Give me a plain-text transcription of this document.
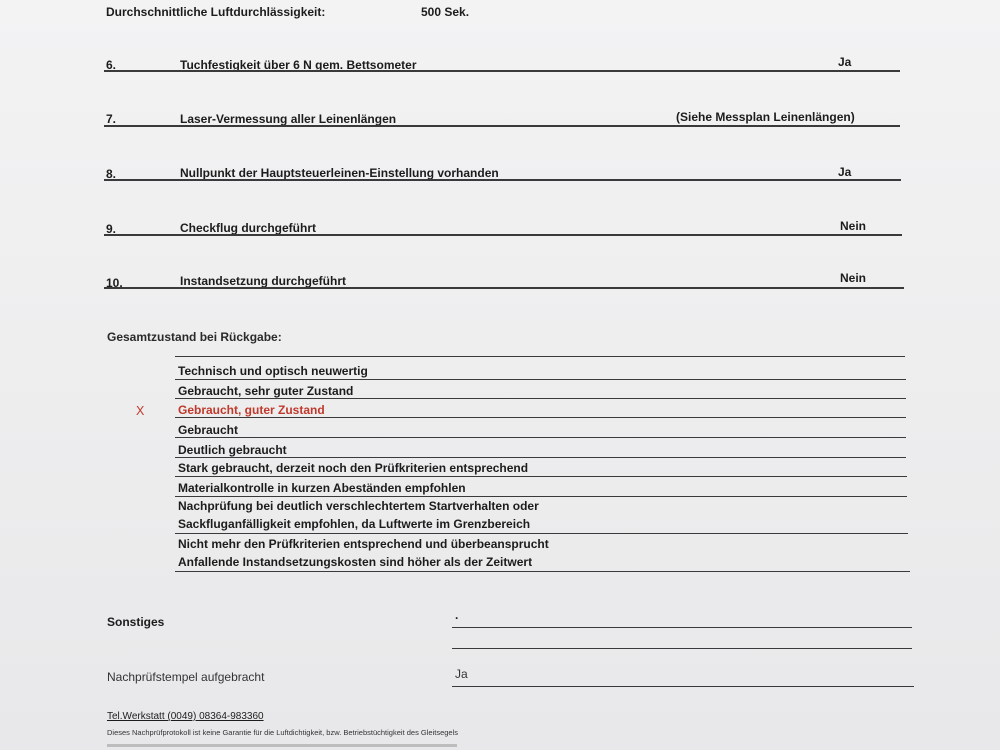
Durchschnittliche Luftdurchlässigkeit:	500 Sek.
6.	Tuchfestigkeit über 6 N gem. Bettsometer	Ja
7.	Laser-Vermessung aller Leinenlängen	(Siehe Messplan Leinenlängen)
8.	Nullpunkt der Hauptsteuerleinen-Einstellung vorhanden	Ja
9.	Checkflug durchgeführt	Nein
10.	Instandsetzung durchgeführt	Nein
Gesamtzustand bei Rückgabe:
Technisch und optisch neuwertig
Gebraucht, sehr guter Zustand
X	Gebraucht, guter Zustand
Gebraucht
Deutlich gebraucht
Stark gebraucht, derzeit noch den Prüfkriterien entsprechend
Materialkontrolle in kurzen Abeständen empfohlen
Nachprüfung bei deutlich verschlechtertem Startverhalten oder
Sackfluganfälligkeit empfohlen, da Luftwerte im Grenzbereich
Nicht mehr den Prüfkriterien entsprechend und überbeansprucht
Anfallende Instandsetzungskosten sind höher als der Zeitwert
Sonstiges	.
Nachprüfstempel aufgebracht	Ja
Tel.Werkstatt (0049) 08364-983360
Dieses Nachprüfprotokoll ist keine Garantie für die Luftdichtigkeit, bzw. Betriebstüchtigkeit des Gleitsegels
